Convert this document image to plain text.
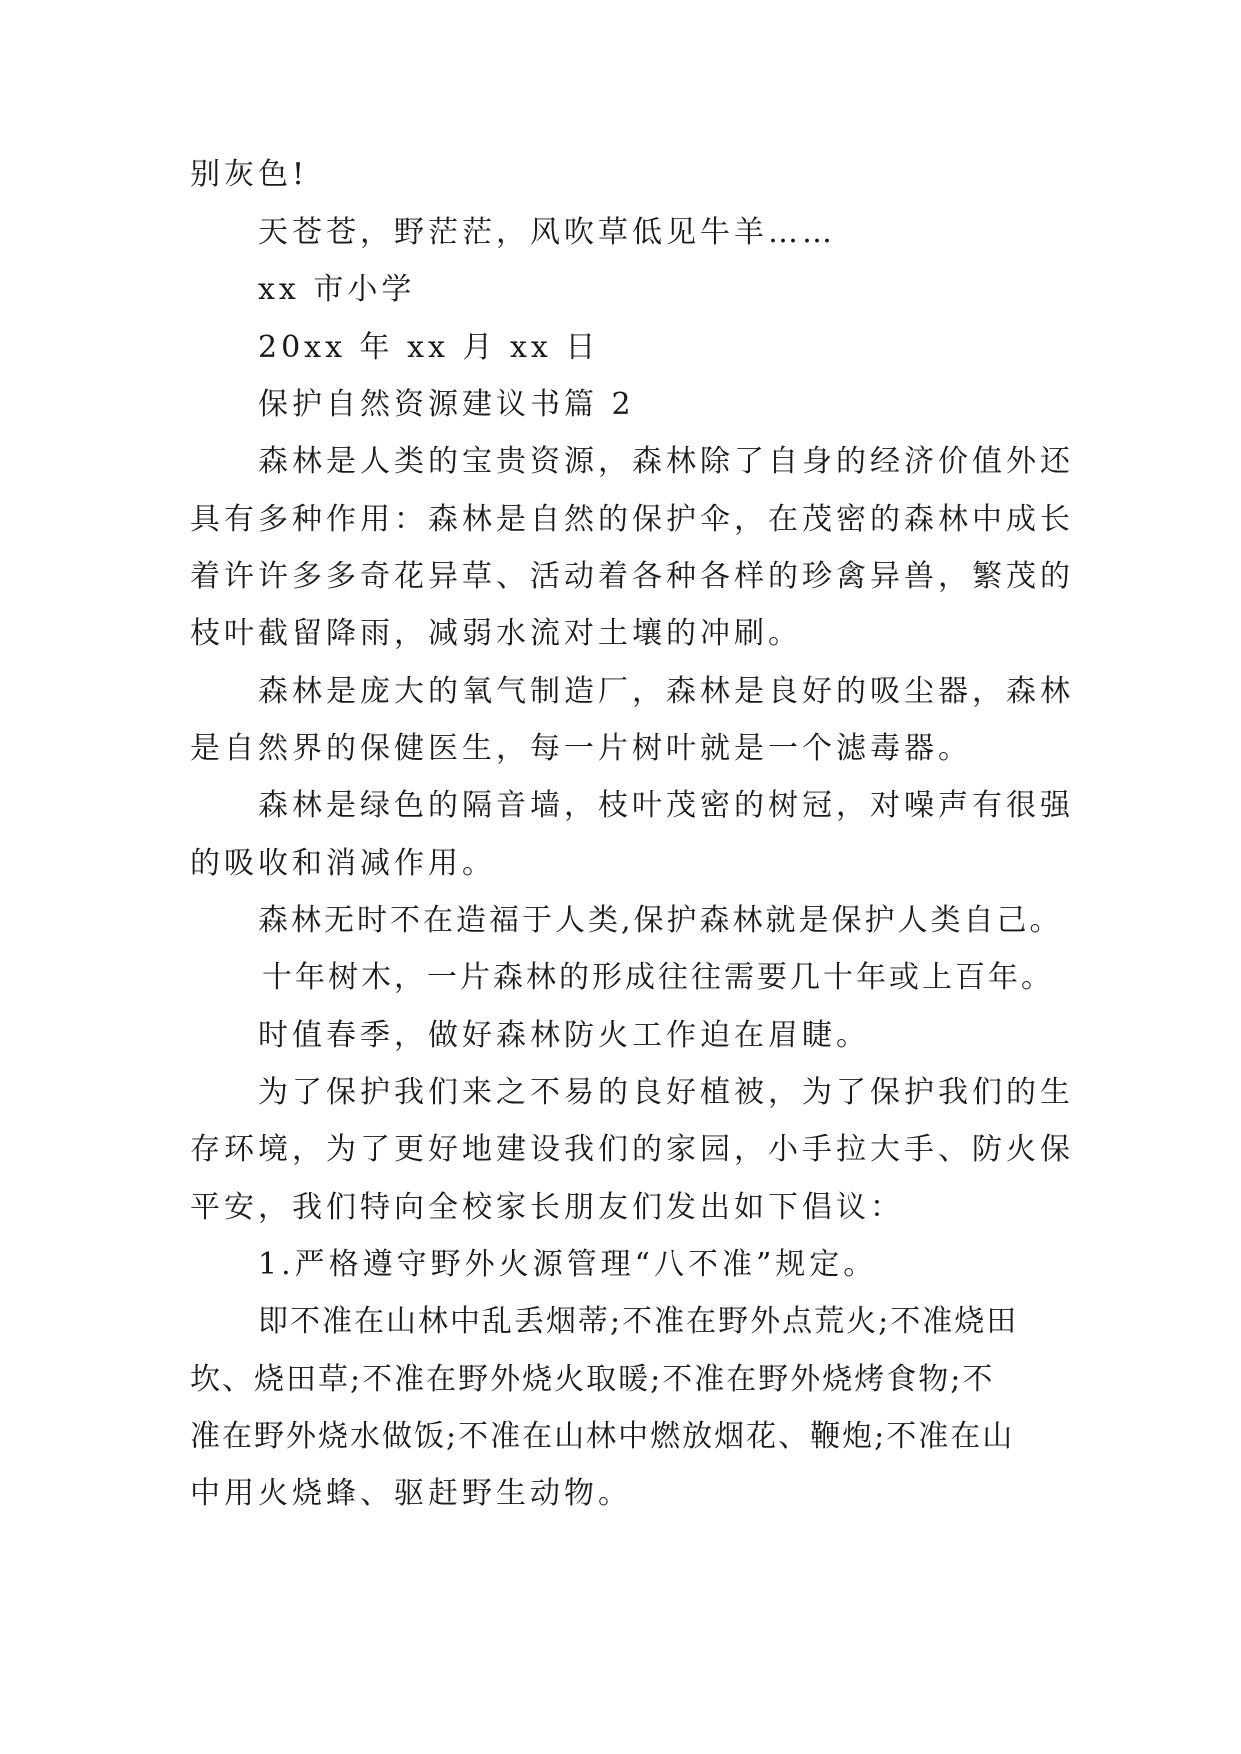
别灰色!
天苍苍，野茫茫，风吹草低见牛羊……
xx 市小学
20xx 年 xx 月 xx 日
保护自然资源建议书篇 2
森林是人类的宝贵资源，森林除了自身的经济价值外还
具有多种作用：森林是自然的保护伞，在茂密的森林中成长
着许许多多奇花异草、活动着各种各样的珍禽异兽，繁茂的
枝叶截留降雨，减弱水流对土壤的冲刷。
森林是庞大的氧气制造厂，森林是良好的吸尘器，森林
是自然界的保健医生，每一片树叶就是一个滤毒器。
森林是绿色的隔音墙，枝叶茂密的树冠，对噪声有很强
的吸收和消减作用。
森林无时不在造福于人类,保护森林就是保护人类自己。
十年树木，一片森林的形成往往需要几十年或上百年。
时值春季，做好森林防火工作迫在眉睫。
为了保护我们来之不易的良好植被，为了保护我们的生
存环境，为了更好地建设我们的家园，小手拉大手、防火保
平安，我们特向全校家长朋友们发出如下倡议：
1.严格遵守野外火源管理“八不准”规定。
即不准在山林中乱丢烟蒂;不准在野外点荒火;不准烧田
坎、烧田草;不准在野外烧火取暖;不准在野外烧烤食物;不
准在野外烧水做饭;不准在山林中燃放烟花、鞭炮;不准在山
中用火烧蜂、驱赶野生动物。
